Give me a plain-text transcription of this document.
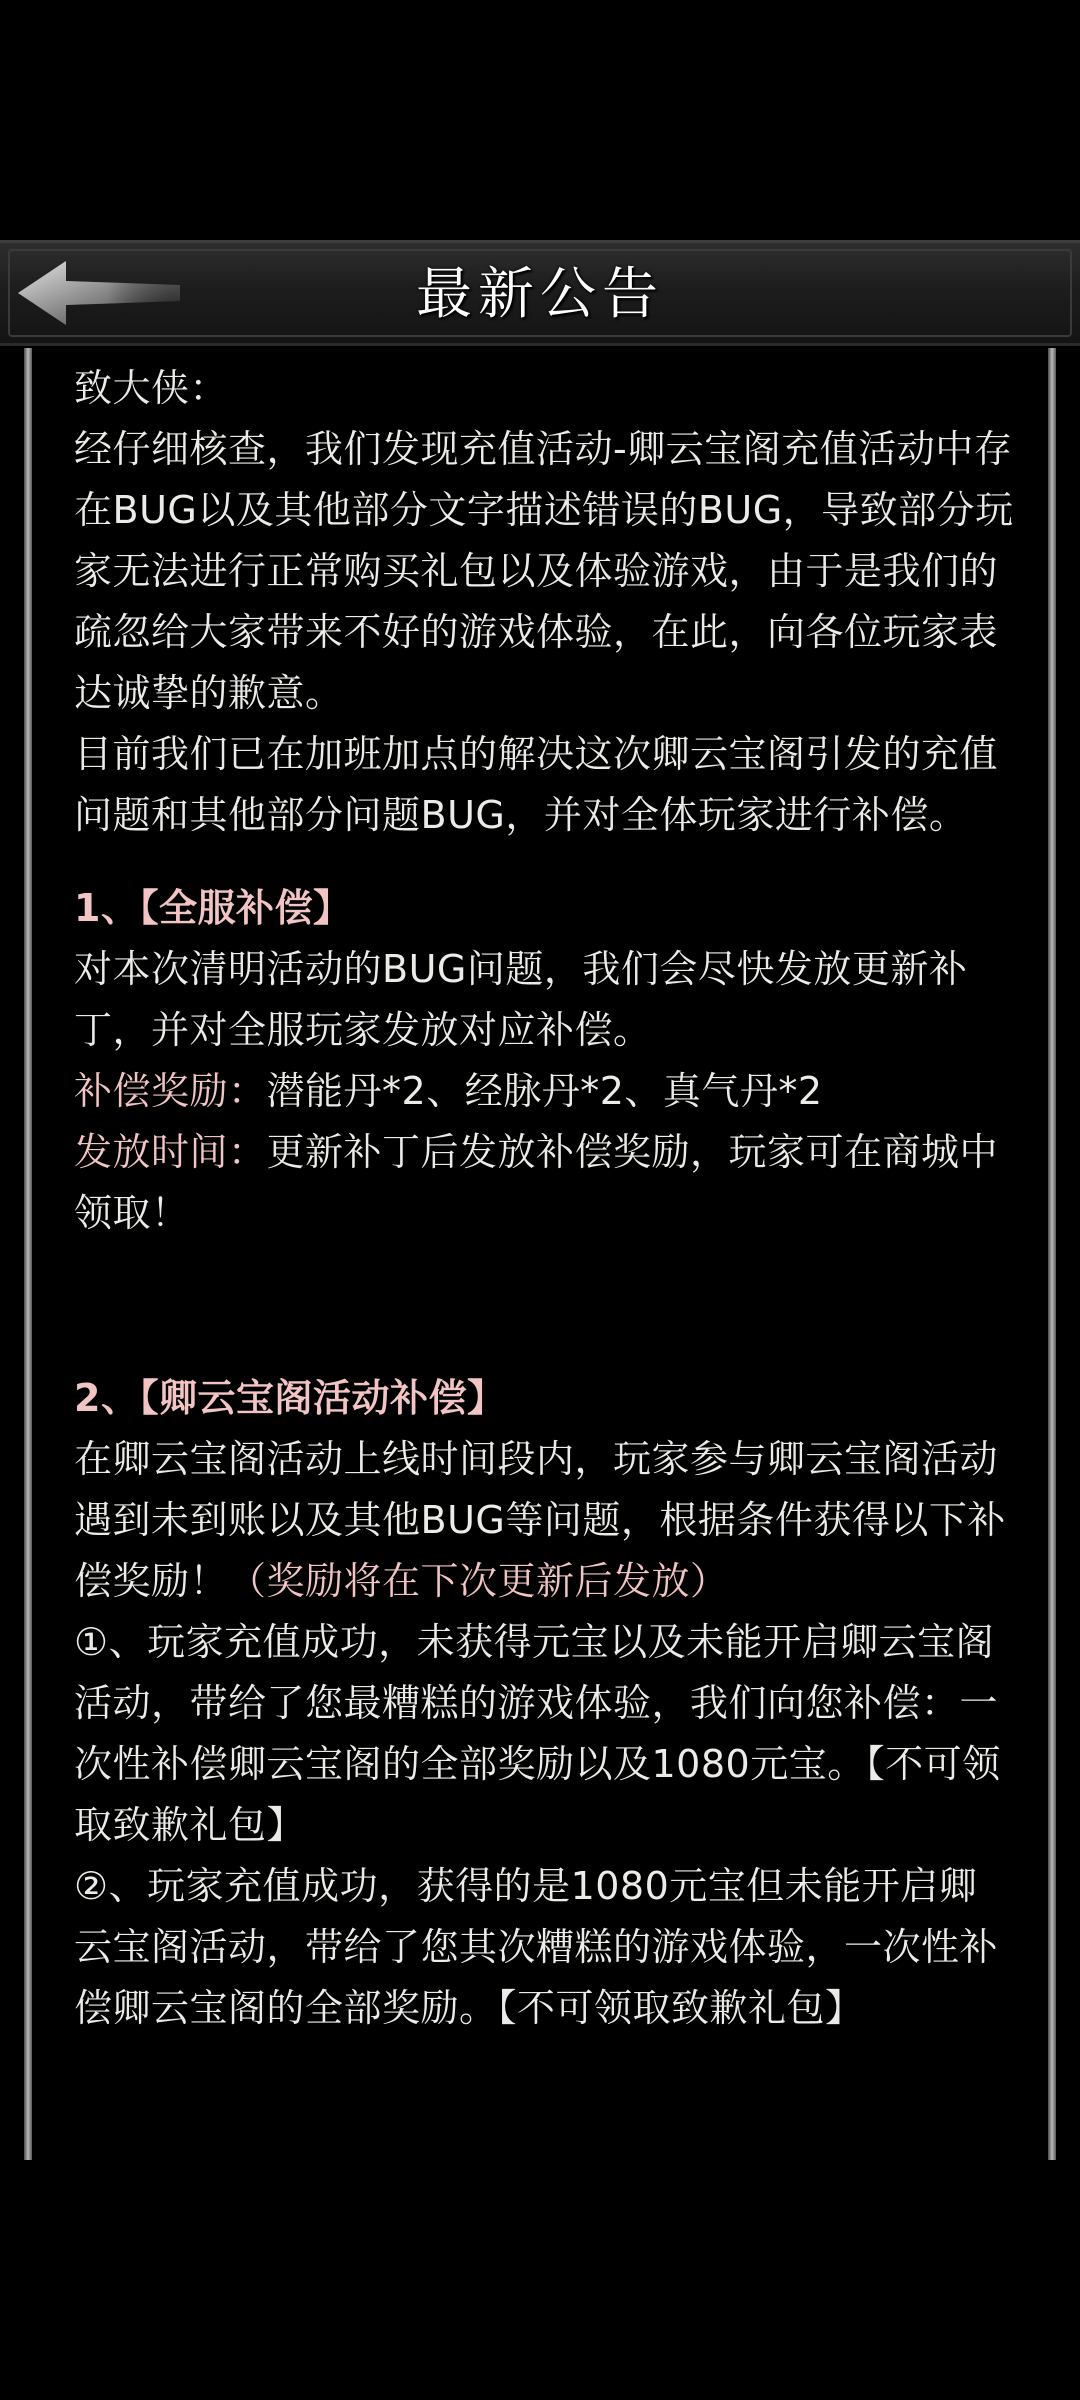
最新公告

致大侠：

经仔细核查，我们发现充值活动-卿云宝阁充值活动中存在BUG以及其他部分文字描述错误的BUG，导致部分玩家无法进行正常购买礼包以及体验游戏，由于是我们的疏忽给大家带来不好的游戏体验，在此，向各位玩家表达诚挚的歉意。

目前我们已在加班加点的解决这次卿云宝阁引发的充值问题和其他部分问题BUG，并对全体玩家进行补偿。

1、【全服补偿】

对本次清明活动的BUG问题，我们会尽快发放更新补丁，并对全服玩家发放对应补偿。

补偿奖励：潜能丹*2、经脉丹*2、真气丹*2

发放时间：更新补丁后发放补偿奖励，玩家可在商城中领取！

2、【卿云宝阁活动补偿】

在卿云宝阁活动上线时间段内，玩家参与卿云宝阁活动遇到未到账以及其他BUG等问题，根据条件获得以下补偿奖励！（奖励将在下次更新后发放）

①、玩家充值成功，未获得元宝以及未能开启卿云宝阁活动，带给了您最糟糕的游戏体验，我们向您补偿：一次性补偿卿云宝阁的全部奖励以及1080元宝。【不可领取致歉礼包】

②、玩家充值成功，获得的是1080元宝但未能开启卿云宝阁活动，带给了您其次糟糕的游戏体验，一次性补偿卿云宝阁的全部奖励。【不可领取致歉礼包】
